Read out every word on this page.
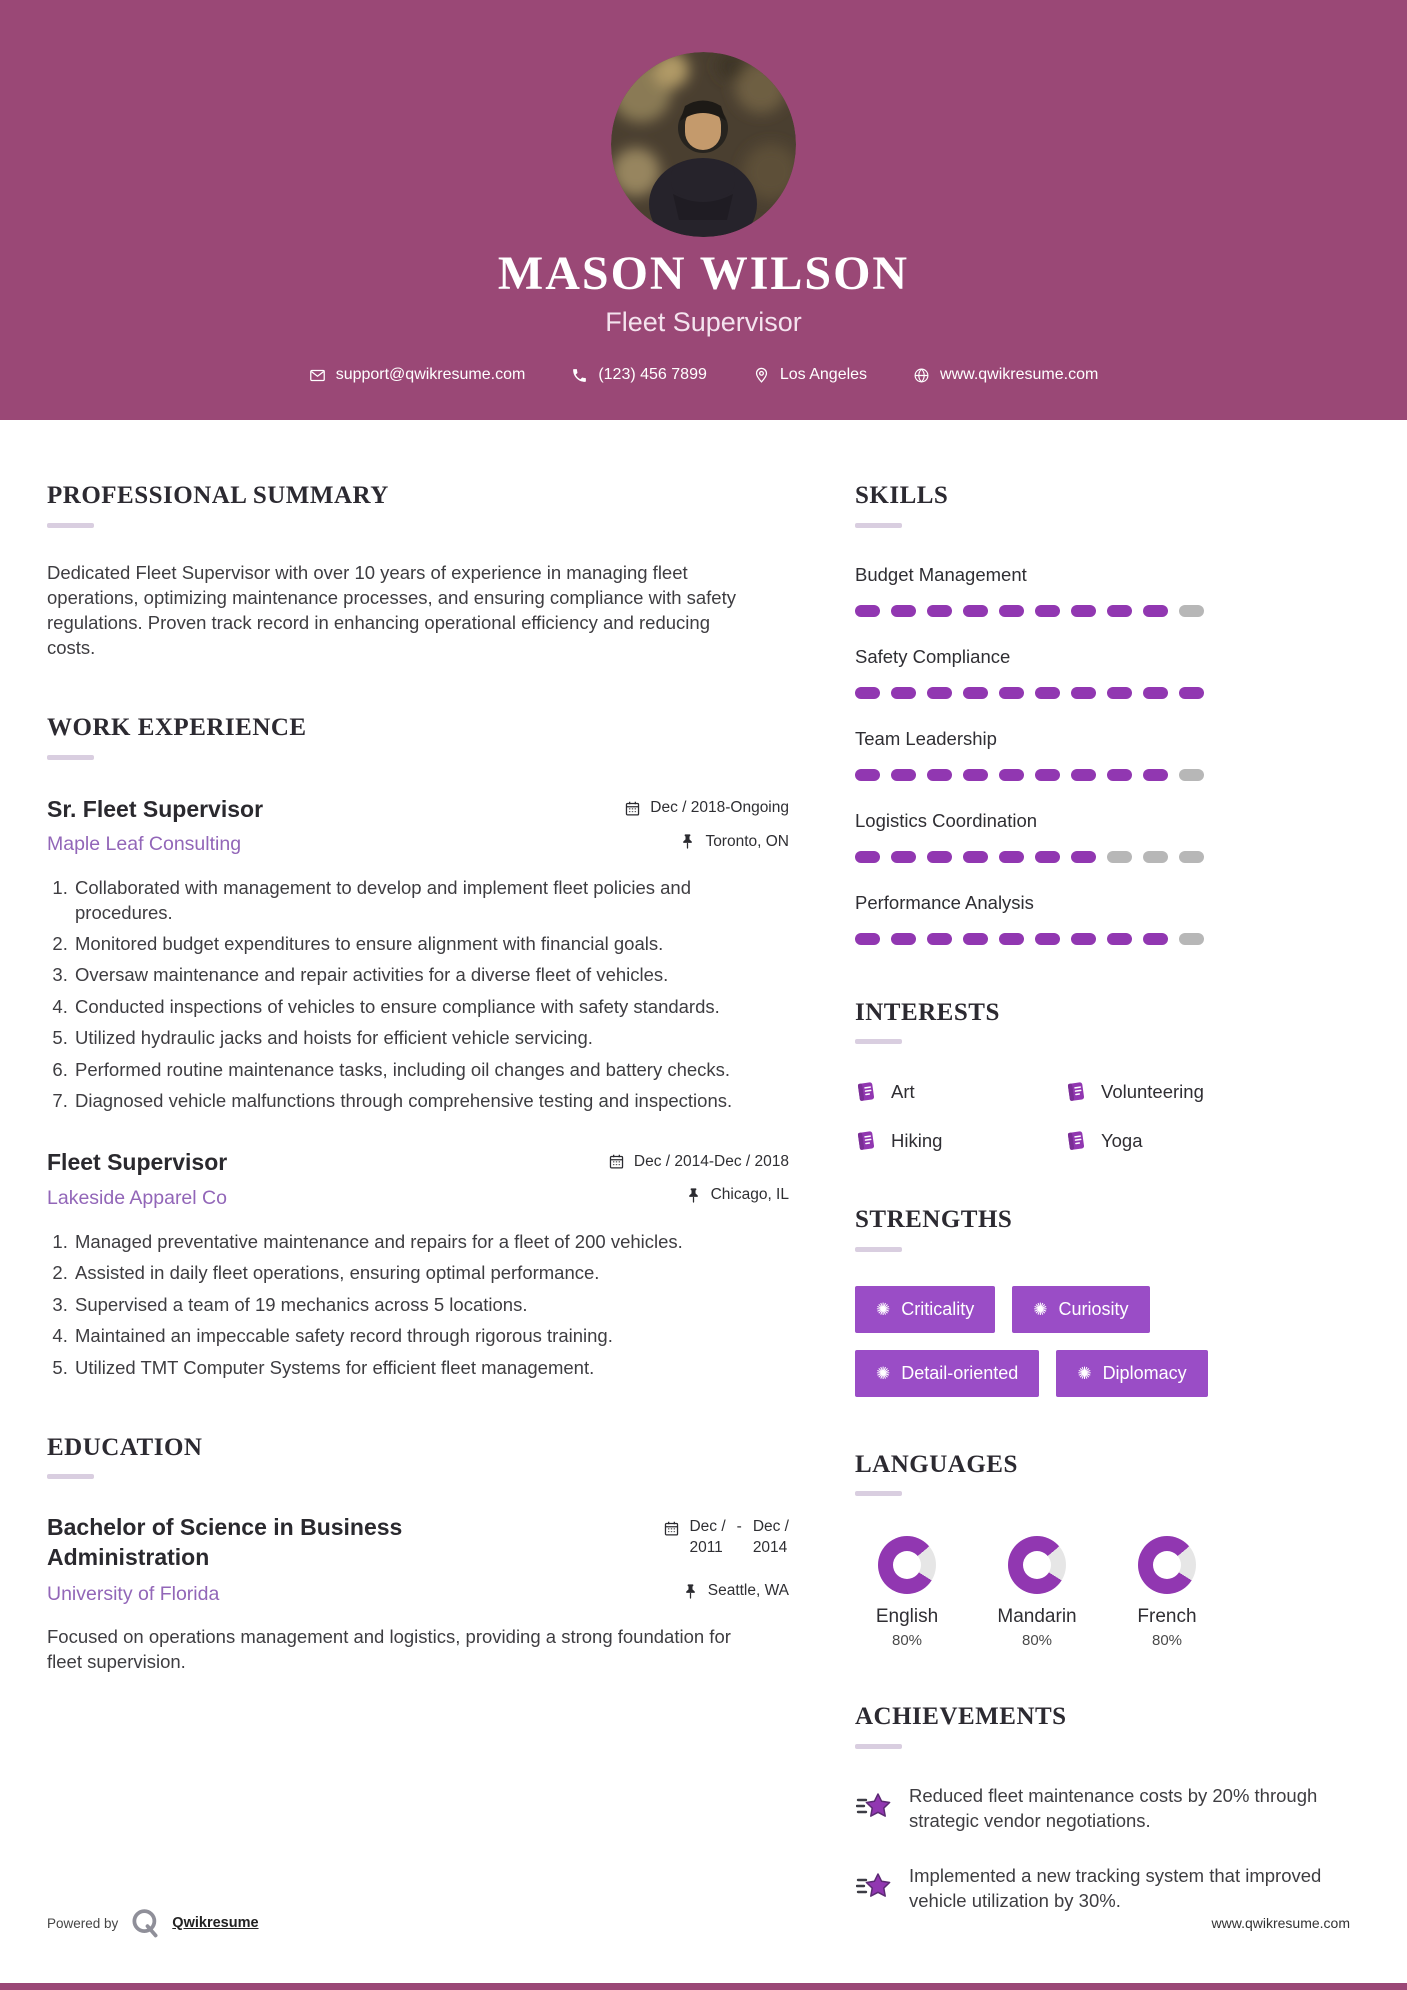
MASON WILSON
Fleet Supervisor
support@qwikresume.com	(123) 456 7899	Los Angeles	www.qwikresume.com
PROFESSIONAL SUMMARY

Dedicated Fleet Supervisor with over 10 years of experience in managing fleet operations, optimizing maintenance processes, and ensuring compliance with safety regulations. Proven track record in enhancing operational efficiency and reducing costs.

WORK EXPERIENCE
Sr. Fleet Supervisor	Dec / 2018-Ongoing
Maple Leaf Consulting	Toronto, ON
1. Collaborated with management to develop and implement fleet policies and procedures.
2. Monitored budget expenditures to ensure alignment with financial goals.
3. Oversaw maintenance and repair activities for a diverse fleet of vehicles.
4. Conducted inspections of vehicles to ensure compliance with safety standards.
5. Utilized hydraulic jacks and hoists for efficient vehicle servicing.
6. Performed routine maintenance tasks, including oil changes and battery checks.
7. Diagnosed vehicle malfunctions through comprehensive testing and inspections.
Fleet Supervisor	Dec / 2014-Dec / 2018
Lakeside Apparel Co	Chicago, IL
1. Managed preventative maintenance and repairs for a fleet of 200 vehicles.
2. Assisted in daily fleet operations, ensuring optimal performance.
3. Supervised a team of 19 mechanics across 5 locations.
4. Maintained an impeccable safety record through rigorous training.
5. Utilized TMT Computer Systems for efficient fleet management.
EDUCATION
Bachelor of Science in Business Administration
Dec /
2011
- Dec /
2014
University of Florida	Seattle, WA

Focused on operations management and logistics, providing a strong foundation for fleet supervision.

SKILLS
Budget Management
Safety Compliance
Team Leadership
Logistics Coordination
Performance Analysis
INTERESTS
Art	Volunteering
Hiking	Yoga
STRENGTHS
✺ Criticality	✺ Curiosity
✺ Detail-oriented	✺ Diplomacy
LANGUAGES
English
80%
Mandarin
80%
French
80%
ACHIEVEMENTS
Reduced fleet maintenance costs by 20% through strategic vendor negotiations.
Implemented a new tracking system that improved vehicle utilization by 30%.
Powered by	Qwikresume	www.qwikresume.com
